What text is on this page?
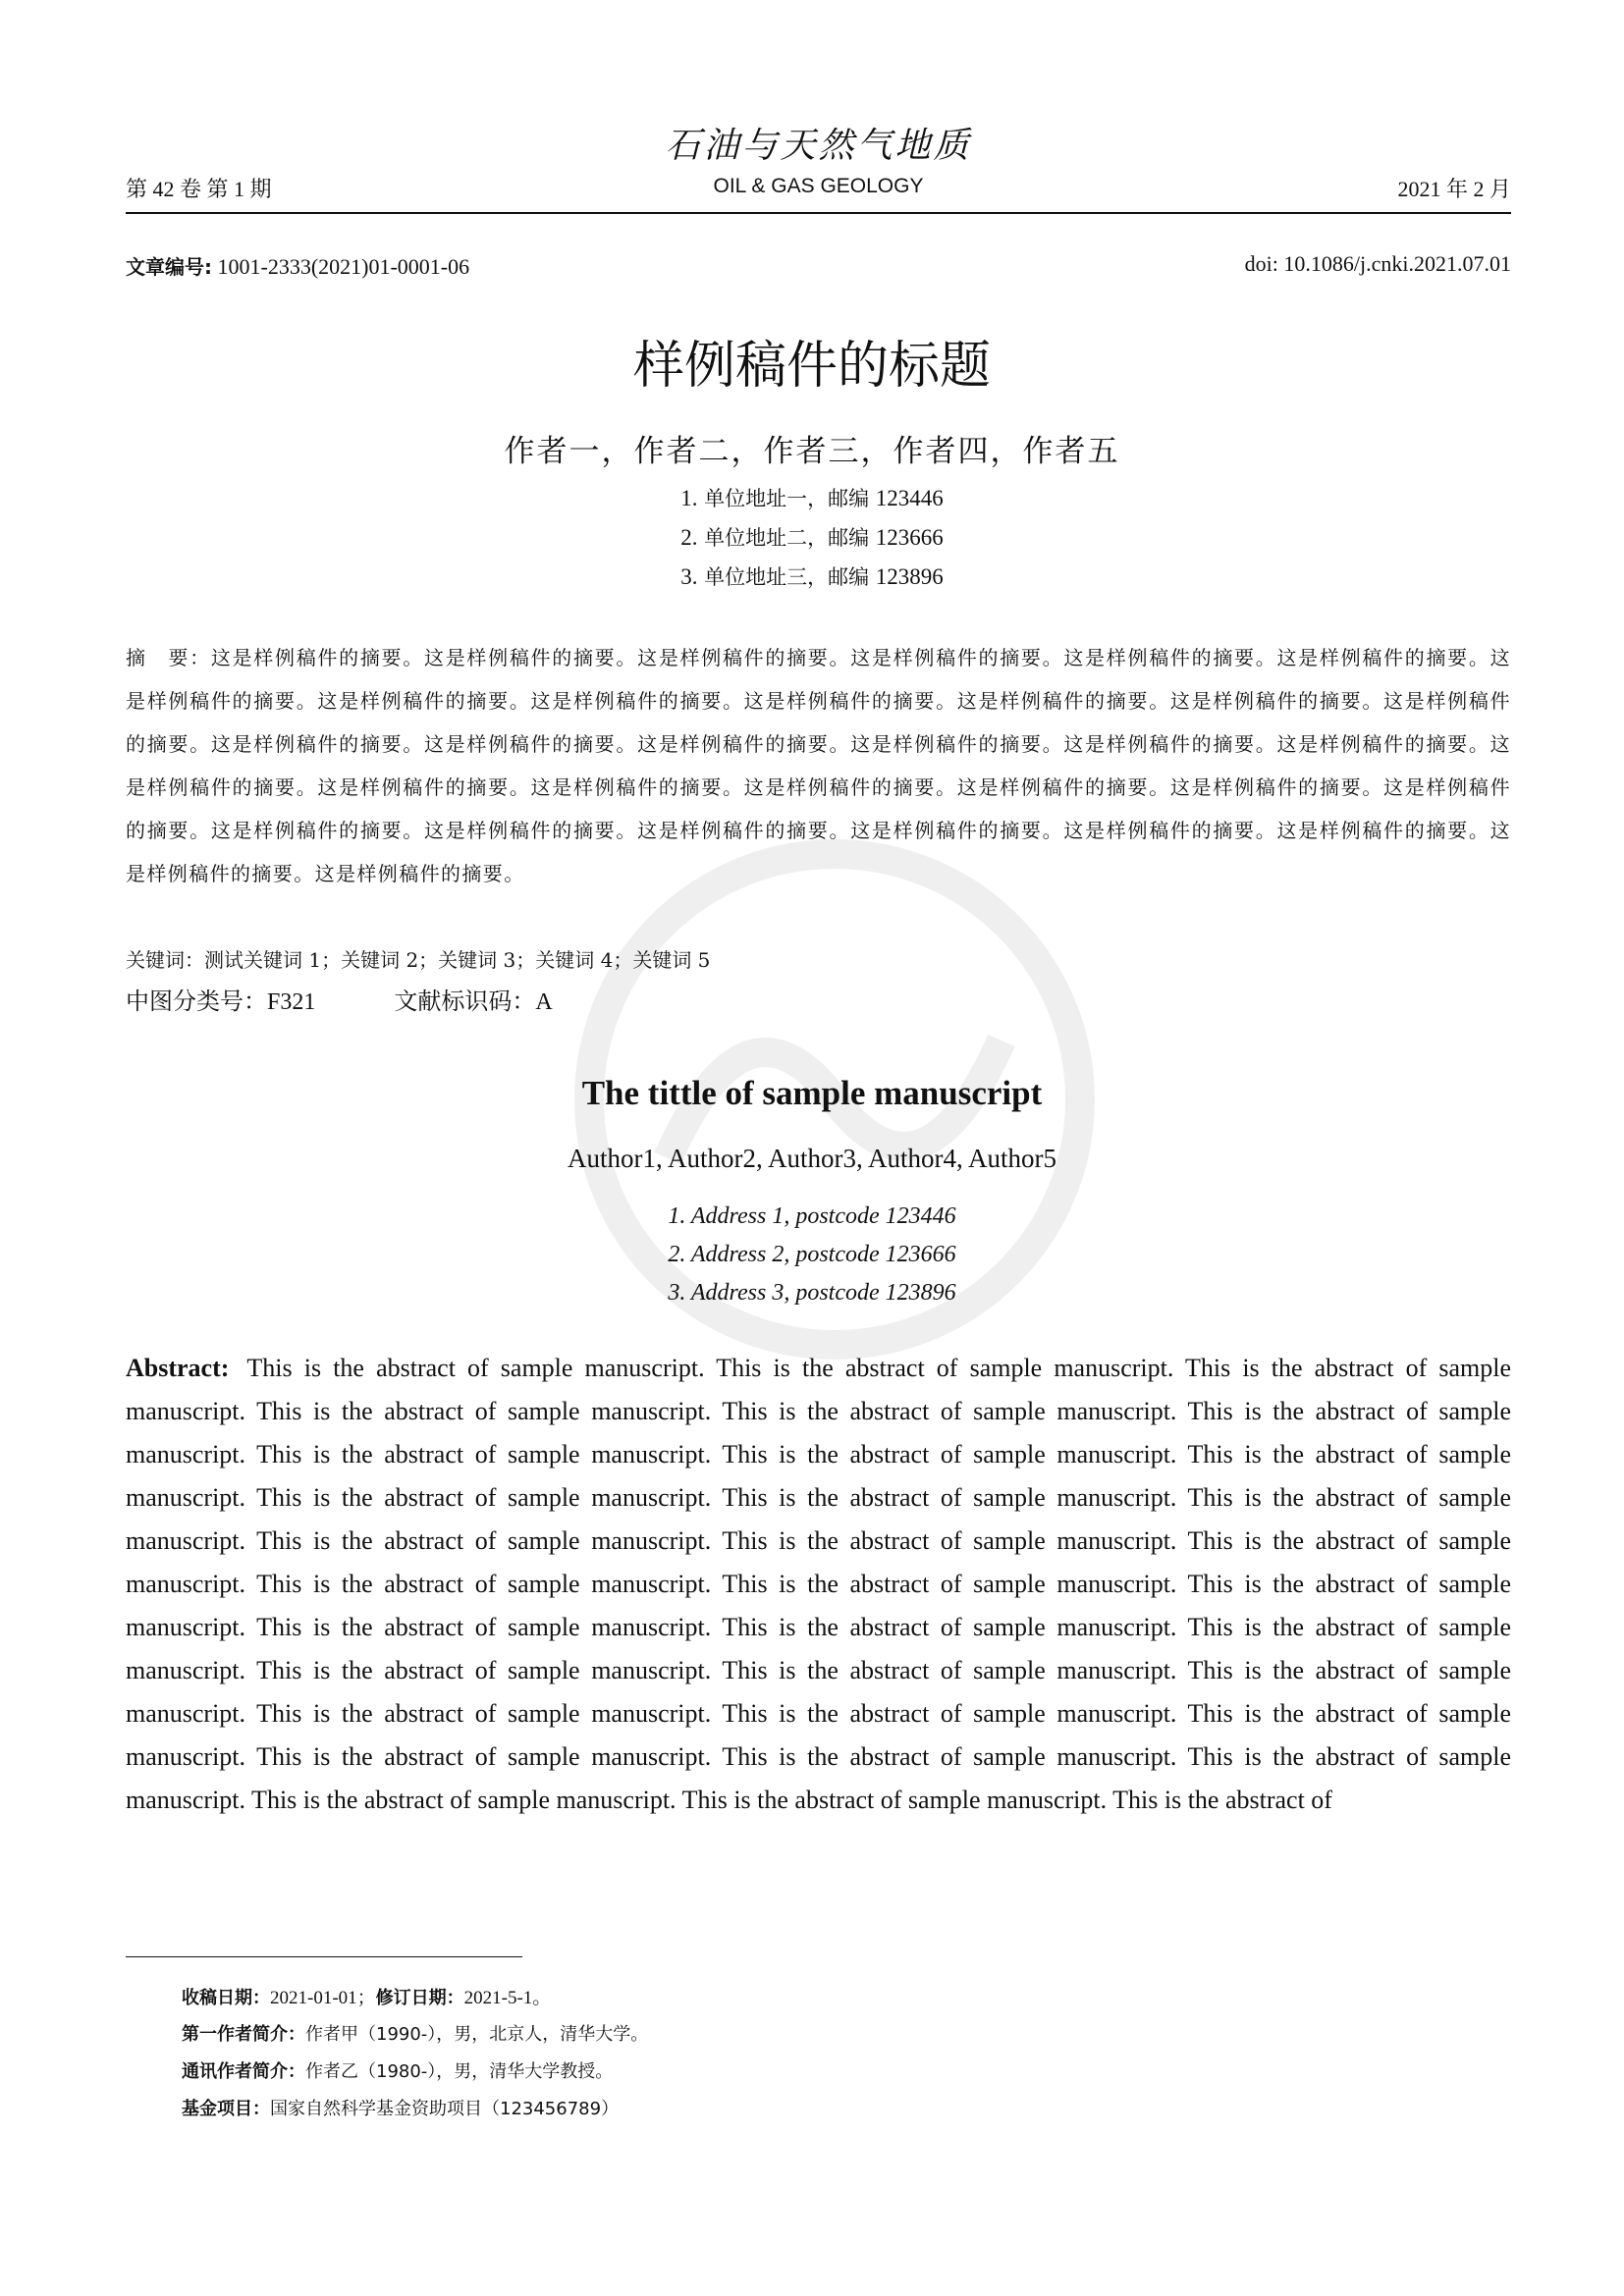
石油与天然气地质
第 42 卷 第 1 期	OIL & GAS GEOLOGY	2021 年 2 月
文章编号: 1001-2333(2021)01-0001-06	doi: 10.1086/j.cnki.2021.07.01
样例稿件的标题
作者一，作者二，作者三，作者四，作者五
1. 单位地址一，邮编 123446
2. 单位地址二，邮编 123666
3. 单位地址三，邮编 123896
摘　要：这是样例稿件的摘要。这是样例稿件的摘要。这是样例稿件的摘要。这是样例稿件的摘要。这是样例稿件的摘要。这是样例稿件的摘要。这是样例稿件的摘要。这是样例稿件的摘要。这是样例稿件的摘要。这是样例稿件的摘要。这是样例稿件的摘要。这是样例稿件的摘要。这是样例稿件的摘要。这是样例稿件的摘要。这是样例稿件的摘要。这是样例稿件的摘要。这是样例稿件的摘要。这是样例稿件的摘要。这是样例稿件的摘要。这是样例稿件的摘要。这是样例稿件的摘要。这是样例稿件的摘要。这是样例稿件的摘要。这是样例稿件的摘要。这是样例稿件的摘要。这是样例稿件的摘要。这是样例稿件的摘要。这是样例稿件的摘要。这是样例稿件的摘要。这是样例稿件的摘要。这是样例稿件的摘要。这是样例稿件的摘要。这是样例稿件的摘要。这是样例稿件的摘要。
关键词：测试关键词 1；关键词 2；关键词 3；关键词 4；关键词 5
中图分类号：F321	文献标识码：A
The tittle of sample manuscript
Author1, Author2, Author3, Author4, Author5
1. Address 1, postcode 123446
2. Address 2, postcode 123666
3. Address 3, postcode 123896
Abstract: This is the abstract of sample manuscript. This is the abstract of sample manuscript. This is the abstract of sample manuscript. This is the abstract of sample manuscript. This is the abstract of sample manuscript. This is the abstract of sample manuscript. This is the abstract of sample manuscript. This is the abstract of sample manuscript. This is the abstract of sample manuscript. This is the abstract of sample manuscript. This is the abstract of sample manuscript. This is the abstract of sample manuscript. This is the abstract of sample manuscript. This is the abstract of sample manuscript. This is the abstract of sample manuscript. This is the abstract of sample manuscript. This is the abstract of sample manuscript. This is the abstract of sample manuscript. This is the abstract of sample manuscript. This is the abstract of sample manuscript. This is the abstract of sample manuscript. This is the abstract of sample manuscript. This is the abstract of sample manuscript. This is the abstract of sample manuscript. This is the abstract of sample manuscript. This is the abstract of sample manuscript. This is the abstract of sample manuscript. This is the abstract of sample manuscript. This is the abstract of sample manuscript. This is the abstract of sample manuscript. This is the abstract of sample manuscript. This is the abstract of sample manuscript. This is the abstract of
收稿日期：2021-01-01；修订日期：2021-5-1。
第一作者简介：作者甲（1990-），男，北京人，清华大学。
通讯作者简介：作者乙（1980-），男，清华大学教授。
基金项目：国家自然科学基金资助项目（123456789）
